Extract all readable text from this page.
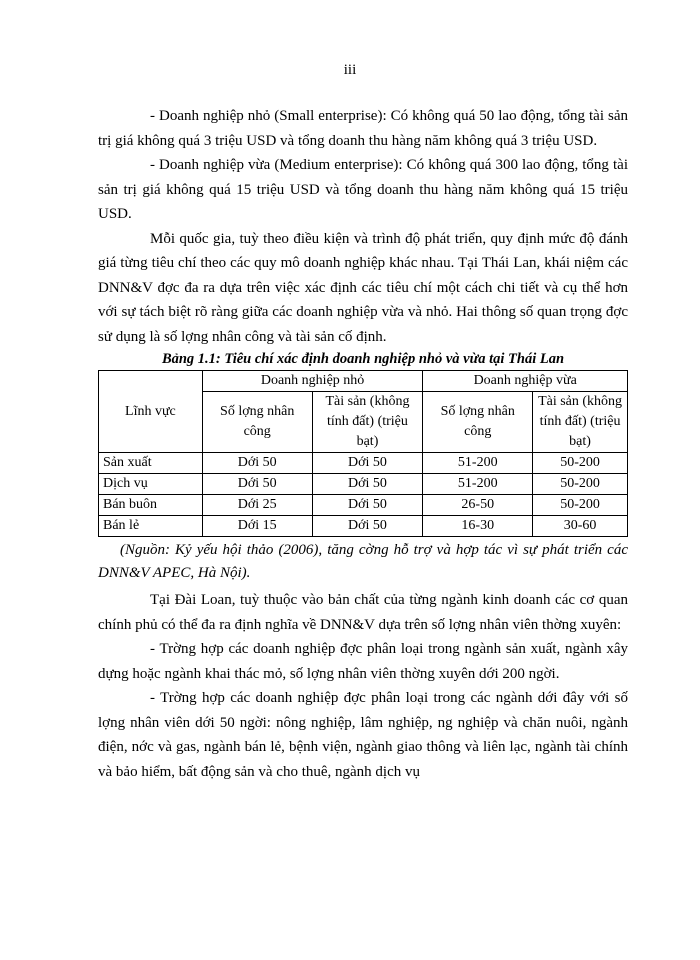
iii

- Doanh nghiệp nhỏ (Small enterprise): Có không quá 50 lao động, tổng tài sản trị giá không quá 3 triệu USD và tổng doanh thu hàng năm không quá 3 triệu USD.

- Doanh nghiệp vừa (Medium enterprise): Có không quá 300 lao động, tổng tài sản trị giá không quá 15 triệu USD và tổng doanh thu hàng năm không quá 15 triệu USD.

Mỗi quốc gia, tuỳ theo điều kiện và trình độ phát triển, quy định mức độ đánh giá từng tiêu chí theo các quy mô doanh nghiệp khác nhau. Tại Thái Lan, khái niệm các DNN&V đợc đa ra dựa trên việc xác định các tiêu chí một cách chi tiết và cụ thể hơn với sự tách biệt rõ ràng giữa các doanh nghiệp vừa và nhỏ. Hai thông số quan trọng đợc sử dụng là số lợng nhân công và tài sản cố định.

Bảng 1.1: Tiêu chí xác định doanh nghiệp nhỏ và vừa tại Thái Lan
Lĩnh vực	Doanh nghiệp nhỏ		Doanh nghiệp vừa	
	Số lợng nhân công	Tài sản (không tính đất) (triệu bạt)	Số lợng nhân công	Tài sản (không tính đất) (triệu bạt)
Sản xuất	Dới 50	Dới 50	51-200	50-200
Dịch vụ	Dới 50	Dới 50	51-200	50-200
Bán buôn	Dới 25	Dới 50	26-50	50-200
Bán lẻ	Dới 15	Dới 50	16-30	30-60

(Nguồn: Kỷ yếu hội thảo (2006), tăng cờng hỗ trợ và hợp tác vì sự phát triển các DNN&V APEC, Hà Nội).

Tại Đài Loan, tuỳ thuộc vào bản chất của từng ngành kinh doanh các cơ quan chính phủ có thể đa ra định nghĩa về DNN&V dựa trên số lợng nhân viên thờng xuyên:

- Trờng hợp các doanh nghiệp đợc phân loại trong ngành sản xuất, ngành xây dựng hoặc ngành khai thác mỏ, số lợng nhân viên thờng xuyên dới 200 ngời.

- Trờng hợp các doanh nghiệp đợc phân loại trong các ngành dới đây với số lợng nhân viên dới 50 ngời: nông nghiệp, lâm nghiệp, ng nghiệp và chăn nuôi, ngành điện, nớc và gas, ngành bán lẻ, bệnh viện, ngành giao thông và liên lạc, ngành tài chính và bảo hiểm, bất động sản và cho thuê, ngành dịch vụ
